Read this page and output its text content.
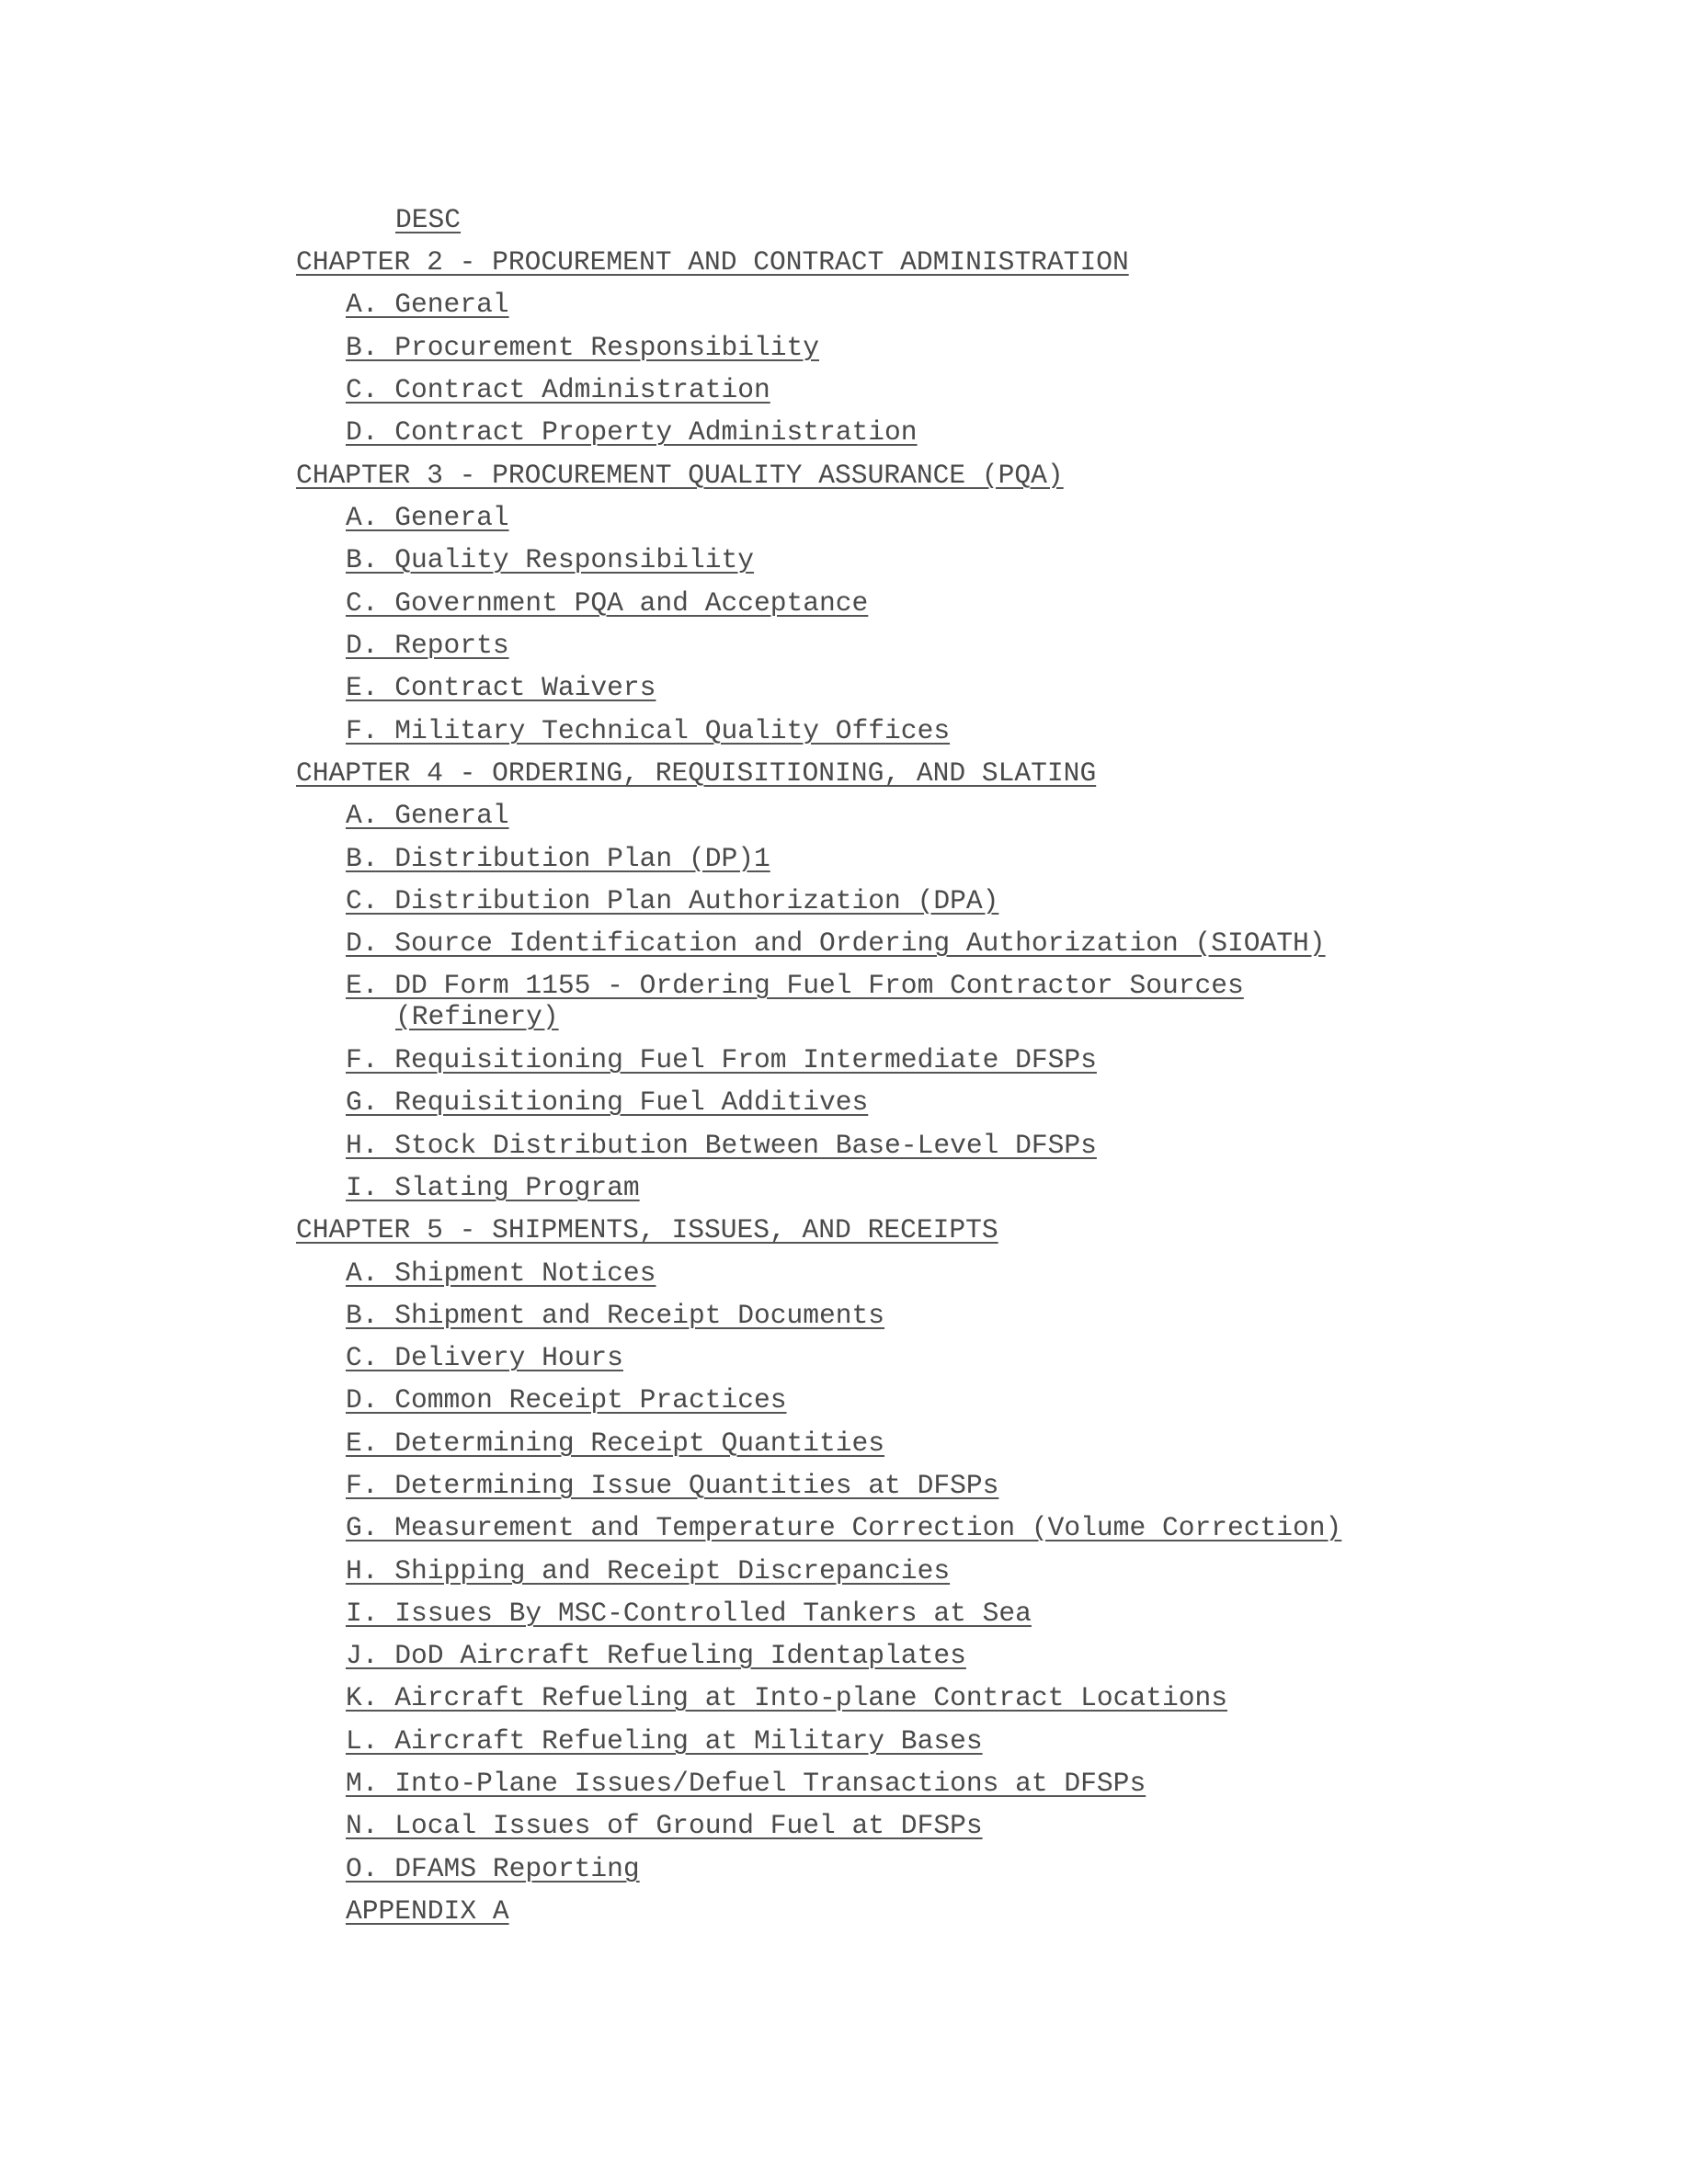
DESC
CHAPTER 2 - PROCUREMENT AND CONTRACT ADMINISTRATION
A. General
B. Procurement Responsibility
C. Contract Administration
D. Contract Property Administration
CHAPTER 3 - PROCUREMENT QUALITY ASSURANCE (PQA)
A. General
B. Quality Responsibility
C. Government PQA and Acceptance
D. Reports
E. Contract Waivers
F. Military Technical Quality Offices
CHAPTER 4 - ORDERING, REQUISITIONING, AND SLATING
A. General
B. Distribution Plan (DP)1
C. Distribution Plan Authorization (DPA)
D. Source Identification and Ordering Authorization (SIOATH)
E. DD Form 1155 - Ordering Fuel From Contractor Sources
(Refinery)
F. Requisitioning Fuel From Intermediate DFSPs
G. Requisitioning Fuel Additives
H. Stock Distribution Between Base-Level DFSPs
I. Slating Program
CHAPTER 5 - SHIPMENTS, ISSUES, AND RECEIPTS
A. Shipment Notices
B. Shipment and Receipt Documents
C. Delivery Hours
D. Common Receipt Practices
E. Determining Receipt Quantities
F. Determining Issue Quantities at DFSPs
G. Measurement and Temperature Correction (Volume Correction)
H. Shipping and Receipt Discrepancies
I. Issues By MSC-Controlled Tankers at Sea
J. DoD Aircraft Refueling Identaplates
K. Aircraft Refueling at Into-plane Contract Locations
L. Aircraft Refueling at Military Bases
M. Into-Plane Issues/Defuel Transactions at DFSPs
N. Local Issues of Ground Fuel at DFSPs
O. DFAMS Reporting
APPENDIX A
